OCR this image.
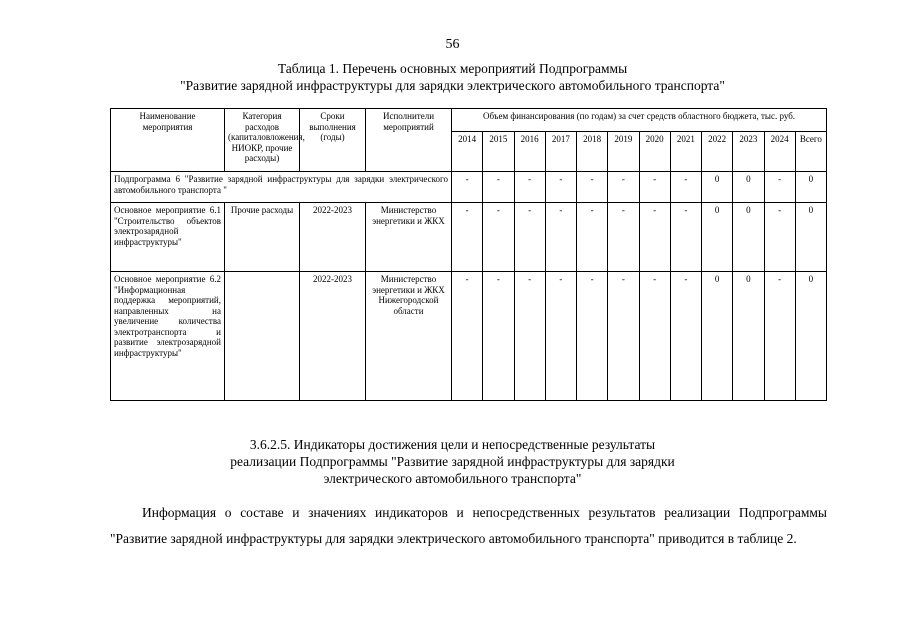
56
Таблица 1. Перечень основных мероприятий Подпрограммы
"Развитие зарядной инфраструктуры для зарядки электрического автомобильного транспорта"
Наименование мероприятия	Категория расходов (капиталовложения, НИОКР, прочие расходы)	Сроки выполнения (годы)	Исполнители мероприятий	Объем финансирования (по годам) за счет средств областного бюджета, тыс. руб.											
				2014	2015	2016	2017	2018	2019	2020	2021	2022	2023	2024	Всего
Подпрограмма 6 "Развитие зарядной инфраструктуры для зарядки электрического автомобильного транспорта "				-	-	-	-	-	-	-	-	0	0	-	0
Основное мероприятие 6.1 "Строительство объектов электрозарядной инфраструктуры"	Прочие расходы	2022-2023	Министерство энергетики и ЖКХ	-	-	-	-	-	-	-	-	0	0	-	0
Основное мероприятие 6.2 "Информационная поддержка мероприятий, направленных на увеличение количества электротранспорта и развитие электрозарядной инфраструктуры"		2022-2023	Министерство энергетики и ЖКХ Нижегородской области	-	-	-	-	-	-	-	-	0	0	-	0
3.6.2.5. Индикаторы достижения цели и непосредственные результаты
реализации Подпрограммы "Развитие зарядной инфраструктуры для зарядки
электрического автомобильного транспорта"
Информация о составе и значениях индикаторов и непосредственных результатов реализации Подпрограммы "Развитие зарядной инфраструктуры для зарядки электрического автомобильного транспорта" приводится в таблице 2.
